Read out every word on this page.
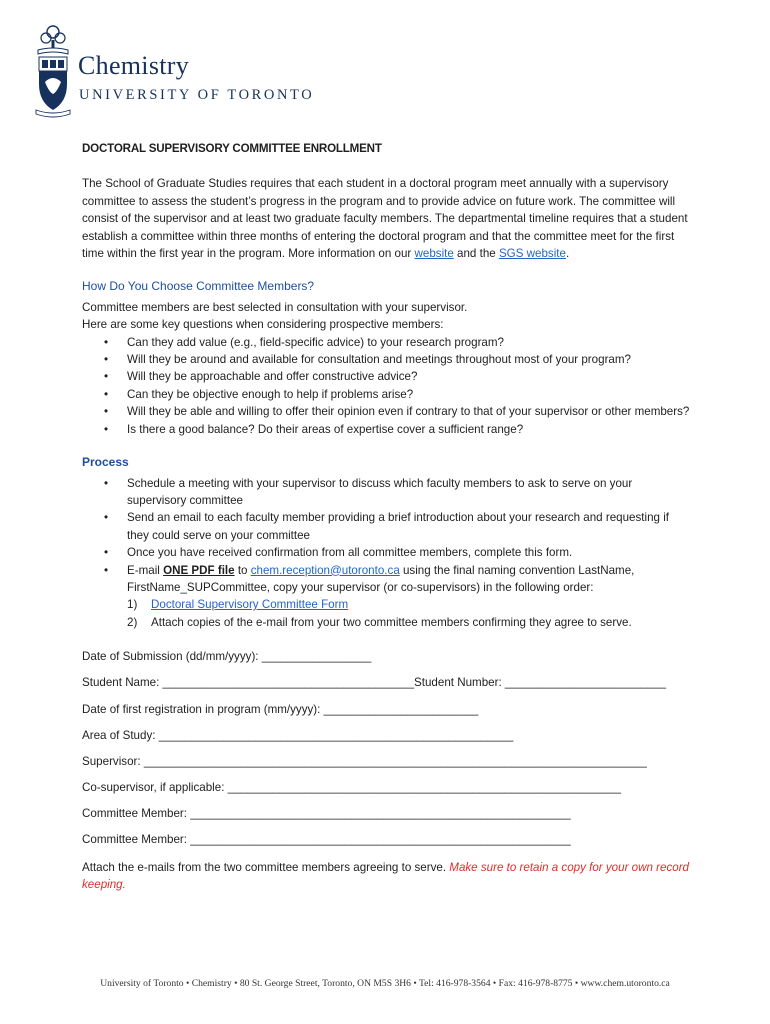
Chemistry
UNIVERSITY OF TORONTO
DOCTORAL SUPERVISORY COMMITTEE ENROLLMENT

The School of Graduate Studies requires that each student in a doctoral program meet annually with a supervisory committee to assess the student’s progress in the program and to provide advice on future work. The committee will consist of the supervisor and at least two graduate faculty members. The departmental timeline requires that a student establish a committee within three months of entering the doctoral program and that the committee meet for the first time within the first year in the program. More information on our website and the SGS website.

How Do You Choose Committee Members?

Committee members are best selected in consultation with your supervisor.

Here are some key questions when considering prospective members:

• Can they add value (e.g., field-specific advice) to your research program?
• Will they be around and available for consultation and meetings throughout most of your program?
• Will they be approachable and offer constructive advice?
• Can they be objective enough to help if problems arise?
• Will they be able and willing to offer their opinion even if contrary to that of your supervisor or other members?
• Is there a good balance? Do their areas of expertise cover a sufficient range?
Process
• Schedule a meeting with your supervisor to discuss which faculty members to ask to serve on your supervisory committee
• Send an email to each faculty member providing a brief introduction about your research and requesting if they could serve on your committee
• Once you have received confirmation from all committee members, complete this form.
• E-mail ONE PDF file to chem.reception@utoronto.ca using the final naming convention LastName, FirstName_SUPCommittee, copy your supervisor (or co-supervisors) in the following order:
1) Doctoral Supervisory Committee Form
2) Attach copies of the e-mail from your two committee members confirming they agree to serve.
Date of Submission (dd/mm/yyyy): _________________
Student Name: _______________________________________Student Number: _________________________
Date of first registration in program (mm/yyyy): ________________________
Area of Study: _______________________________________________________
Supervisor: ______________________________________________________________________________
Co-supervisor, if applicable: _____________________________________________________________
Committee Member: ___________________________________________________________
Committee Member: ___________________________________________________________

Attach the e-mails from the two committee members agreeing to serve. Make sure to retain a copy for your own record keeping.

University of Toronto • Chemistry • 80 St. George Street, Toronto, ON M5S 3H6 • Tel: 416-978-3564 • Fax: 416-978-8775 • www.chem.utoronto.ca
